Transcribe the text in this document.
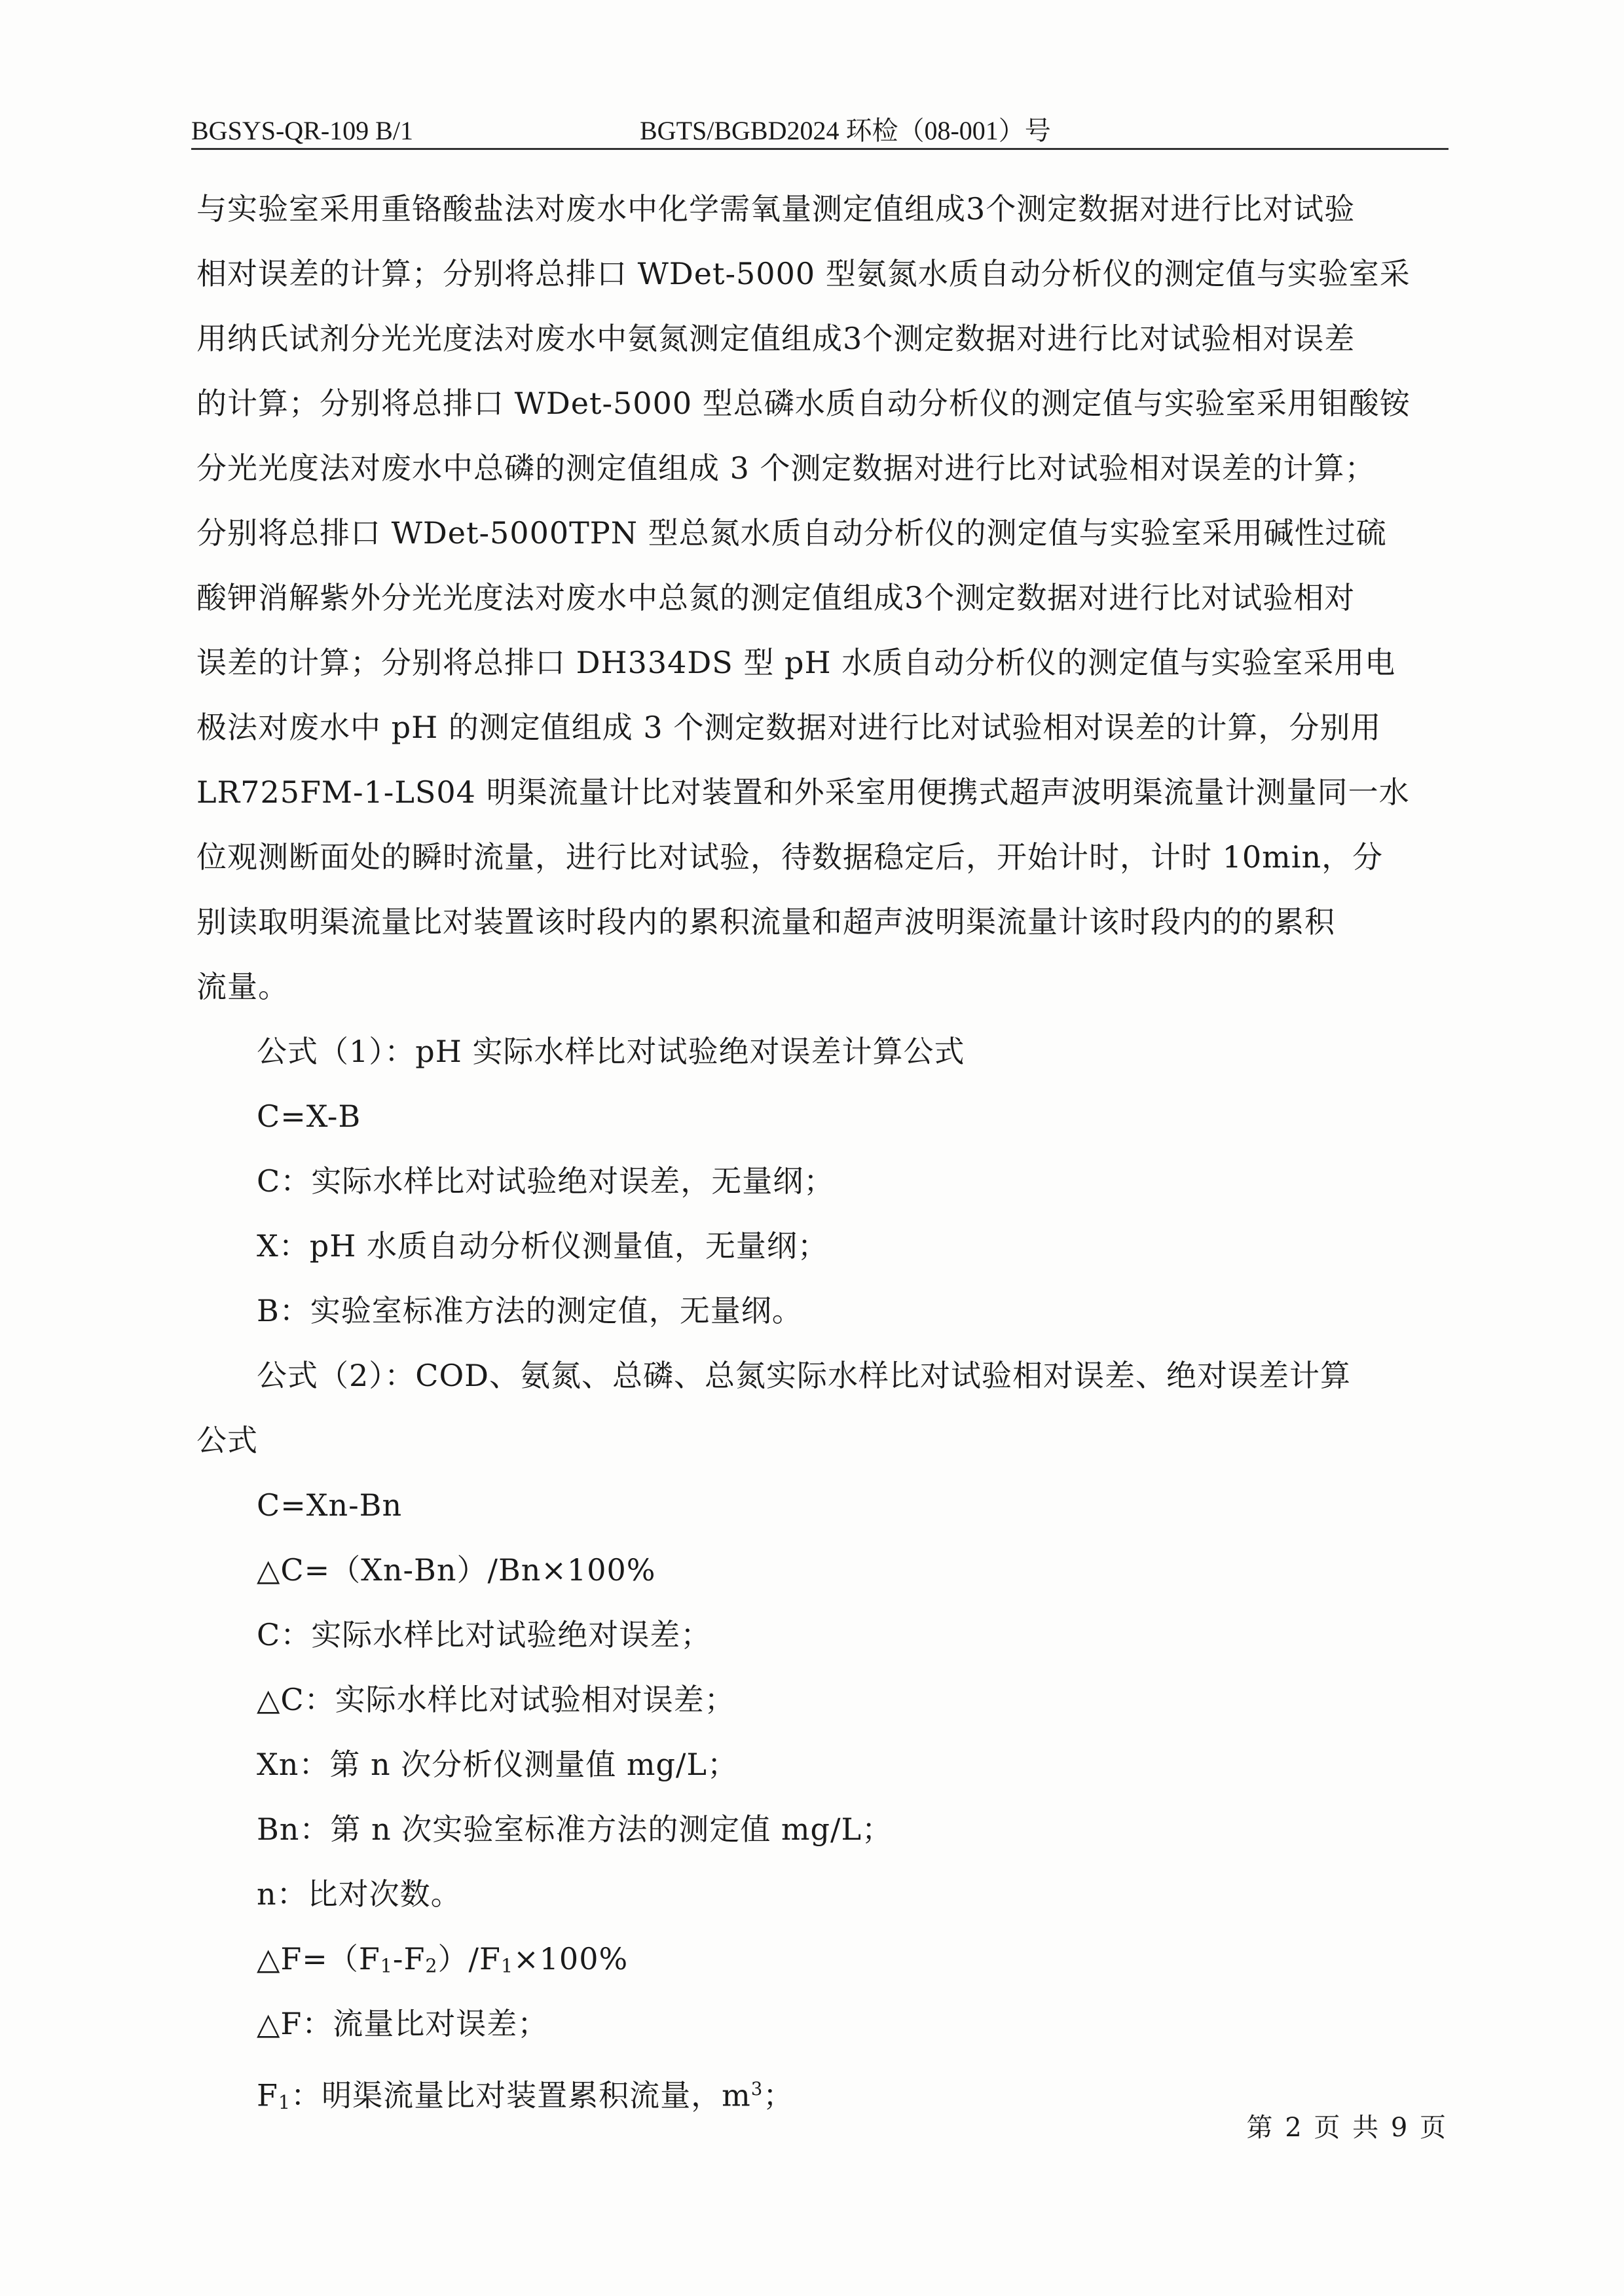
BGSYS-QR-109 B/1	BGTS/BGBD2024 环检（08-001）号
与实验室采用重铬酸盐法对废水中化学需氧量测定值组成3个测定数据对进行比对试验
相对误差的计算；分别将总排口 WDet-5000 型氨氮水质自动分析仪的测定值与实验室采
用纳氏试剂分光光度法对废水中氨氮测定值组成3个测定数据对进行比对试验相对误差
的计算；分别将总排口 WDet-5000 型总磷水质自动分析仪的测定值与实验室采用钼酸铵
分光光度法对废水中总磷的测定值组成 3 个测定数据对进行比对试验相对误差的计算；
分别将总排口 WDet-5000TPN 型总氮水质自动分析仪的测定值与实验室采用碱性过硫
酸钾消解紫外分光光度法对废水中总氮的测定值组成3个测定数据对进行比对试验相对
误差的计算；分别将总排口 DH334DS 型 pH 水质自动分析仪的测定值与实验室采用电
极法对废水中 pH 的测定值组成 3 个测定数据对进行比对试验相对误差的计算，分别用
LR725FM-1-LS04 明渠流量计比对装置和外采室用便携式超声波明渠流量计测量同一水
位观测断面处的瞬时流量，进行比对试验，待数据稳定后，开始计时，计时 10min，分
别读取明渠流量比对装置该时段内的累积流量和超声波明渠流量计该时段内的的累积
流量。
公式（1）：pH 实际水样比对试验绝对误差计算公式
C=X-B
C：实际水样比对试验绝对误差，无量纲；
X：pH 水质自动分析仪测量值，无量纲；
B：实验室标准方法的测定值，无量纲。
公式（2）：COD、氨氮、总磷、总氮实际水样比对试验相对误差、绝对误差计算
公式
C=Xn-Bn
△C=（Xn-Bn）/Bn×100%
C：实际水样比对试验绝对误差；
△C：实际水样比对试验相对误差；
Xn：第 n 次分析仪测量值 mg/L；
Bn：第 n 次实验室标准方法的测定值 mg/L；
n：比对次数。
△F=（F1-F2）/F1×100%
△F：流量比对误差；
F1：明渠流量比对装置累积流量，$m^3$；
第 2 页 共 9 页
